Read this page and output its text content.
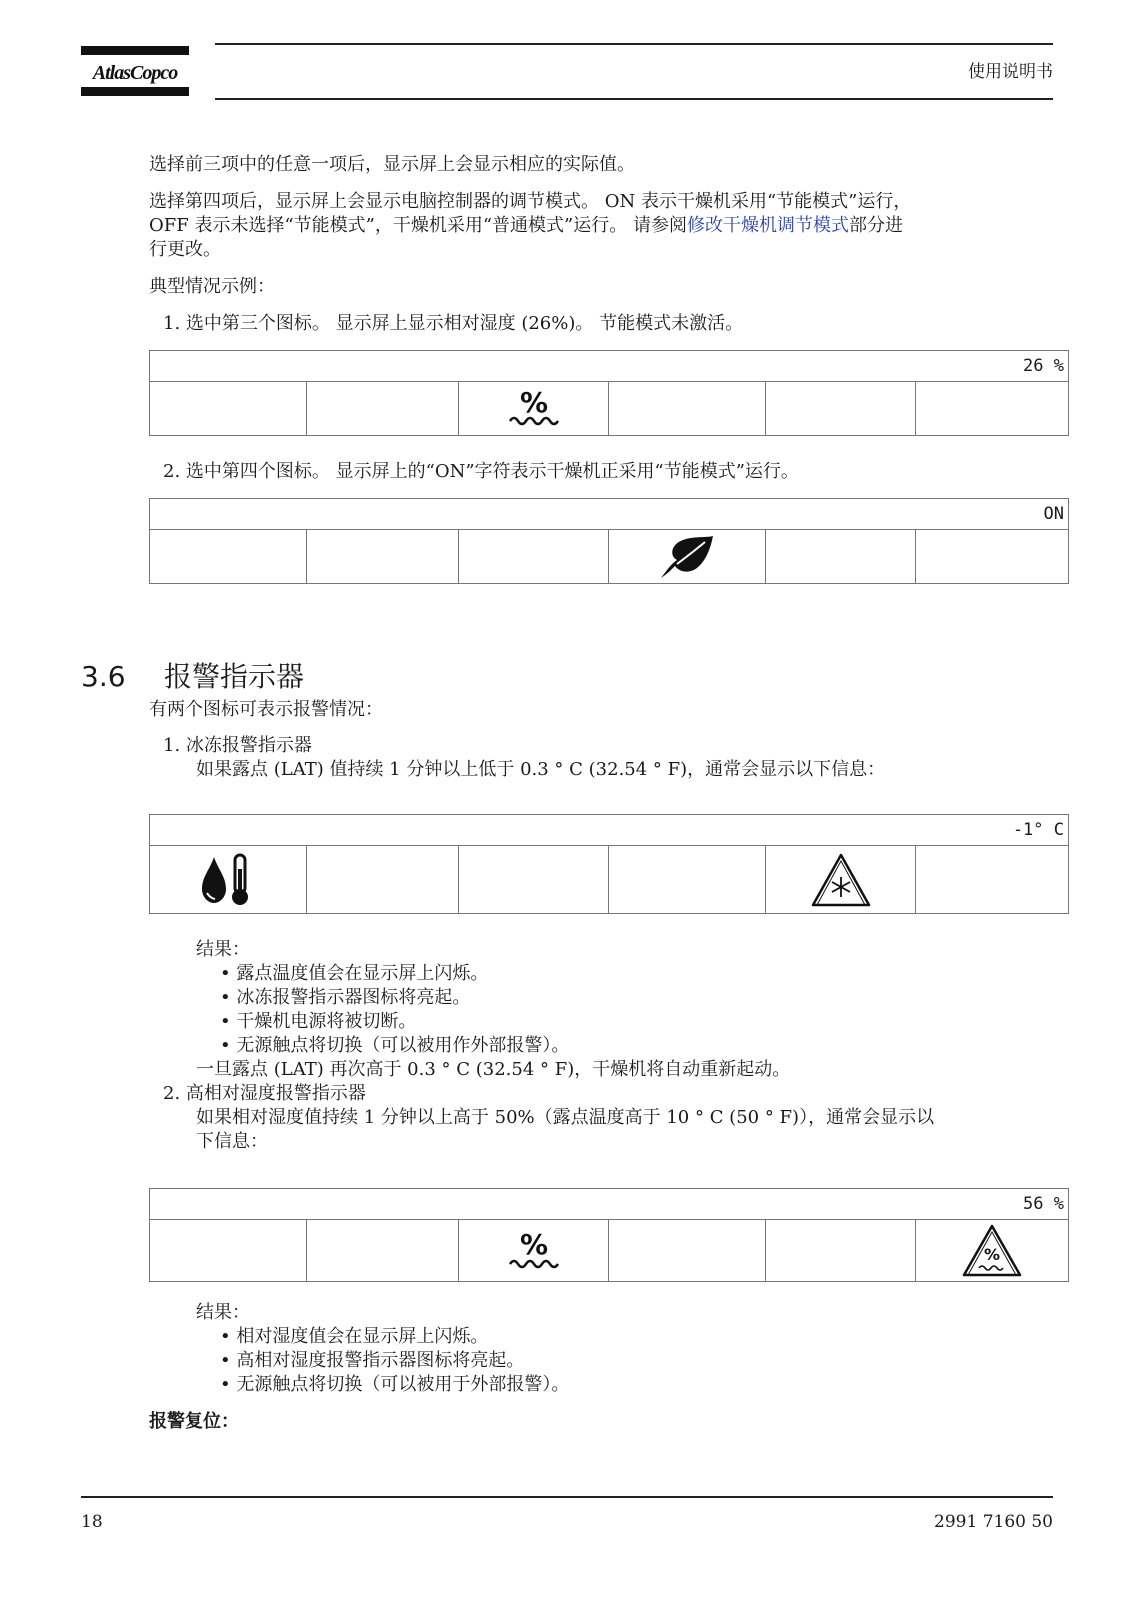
AtlasCopco	使用说明书
选择前三项中的任意一项后，显示屏上会显示相应的实际值。
选择第四项后，显示屏上会显示电脑控制器的调节模式。 ON 表示干燥机采用“节能模式”运行，
OFF 表示未选择“节能模式”，干燥机采用“普通模式”运行。 请参阅修改干燥机调节模式部分进
行更改。
典型情况示例：
1. 选中第三个图标。 显示屏上显示相对湿度 (26%)。 节能模式未激活。
26 %
%
2. 选中第四个图标。 显示屏上的“ON”字符表示干燥机正采用“节能模式”运行。
ON
3.6 报警指示器
有两个图标可表示报警情况：
1. 冰冻报警指示器
如果露点 (LAT) 值持续 1 分钟以上低于 0.3 ° C (32.54 ° F)，通常会显示以下信息：
-1° C
结果：
• 露点温度值会在显示屏上闪烁。
• 冰冻报警指示器图标将亮起。
• 干燥机电源将被切断。
• 无源触点将切换（可以被用作外部报警）。
一旦露点 (LAT) 再次高于 0.3 ° C (32.54 ° F)，干燥机将自动重新起动。
2. 高相对湿度报警指示器
如果相对湿度值持续 1 分钟以上高于 50%（露点温度高于 10 ° C (50 ° F)），通常会显示以
下信息：
56 %
%	%
结果：
• 相对湿度值会在显示屏上闪烁。
• 高相对湿度报警指示器图标将亮起。
• 无源触点将切换（可以被用于外部报警）。
报警复位：
18	2991 7160 50
